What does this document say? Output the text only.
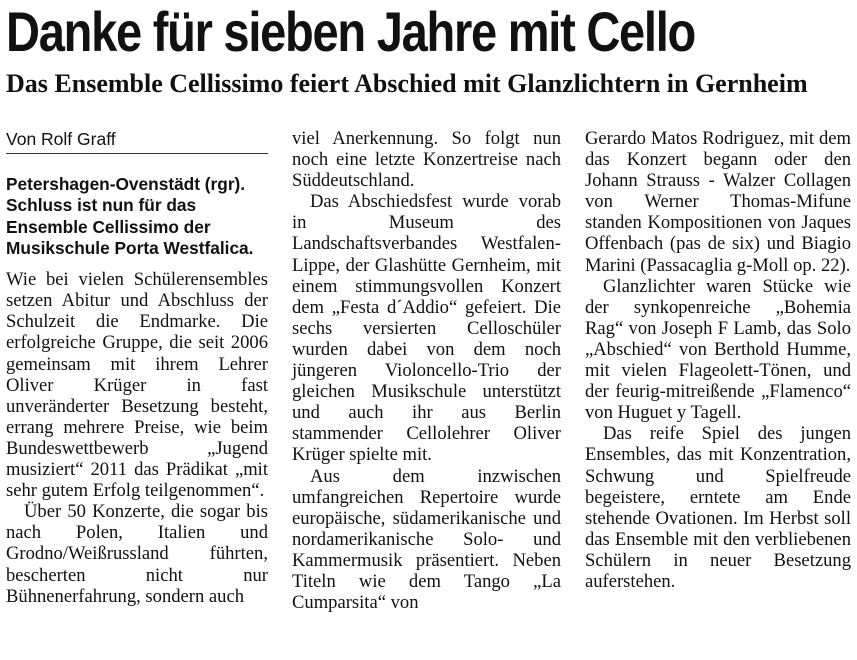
Danke für sieben Jahre mit Cello
Das Ensemble Cellissimo feiert Abschied mit Glanzlichtern in Gernheim
Von Rolf Graff

Petershagen-Ovenstädt (rgr). Schluss ist nun für das Ensemble Cellissimo der Musikschule Porta Westfalica.

Wie bei vielen Schülerensembles setzen Abitur und Abschluss der Schulzeit die Endmarke. Die erfolgreiche Gruppe, die seit 2006 gemeinsam mit ihrem Lehrer Oliver Krüger in fast unveränderter Besetzung besteht, errang mehrere Preise, wie beim Bundeswettbewerb „Jugend musiziert“ 2011 das Prädikat „mit sehr gutem Erfolg teilgenommen“.

Über 50 Konzerte, die sogar bis nach Polen, Italien und Grodno/Weißrussland führten, bescherten nicht nur Bühnenerfahrung, sondern auch

viel Anerkennung. So folgt nun noch eine letzte Konzertreise nach Süddeutschland.

Das Abschiedsfest wurde vorab in Museum des Landschaftsverbandes Westfalen-Lippe, der Glashütte Gernheim, mit einem stimmungsvollen Konzert dem „Festa d´Addio“ gefeiert. Die sechs versierten Celloschüler wurden dabei von dem noch jüngeren Violoncello-Trio der gleichen Musikschule unterstützt und auch ihr aus Berlin stammender Cellolehrer Oliver Krüger spielte mit.

Aus dem inzwischen umfangreichen Repertoire wurde europäische, südamerikanische und nordamerikanische Solo- und Kammermusik präsentiert. Neben Titeln wie dem Tango „La Cumparsita“ von

Gerardo Matos Rodriguez, mit dem das Konzert begann oder den Johann Strauss - Walzer Collagen von Werner Thomas-Mifune standen Kompositionen von Jaques Offenbach (pas de six) und Biagio Marini (Passacaglia g-Moll op. 22).

Glanzlichter waren Stücke wie der synkopenreiche „Bohemia Rag“ von Joseph F Lamb, das Solo „Abschied“ von Berthold Humme, mit vielen Flageolett-Tönen, und der feurig-mitreißende „Flamenco“ von Huguet y Tagell.

Das reife Spiel des jungen Ensembles, das mit Konzentration, Schwung und Spielfreude begeistere, erntete am Ende stehende Ovationen. Im Herbst soll das Ensemble mit den verbliebenen Schülern in neuer Besetzung auferstehen.
